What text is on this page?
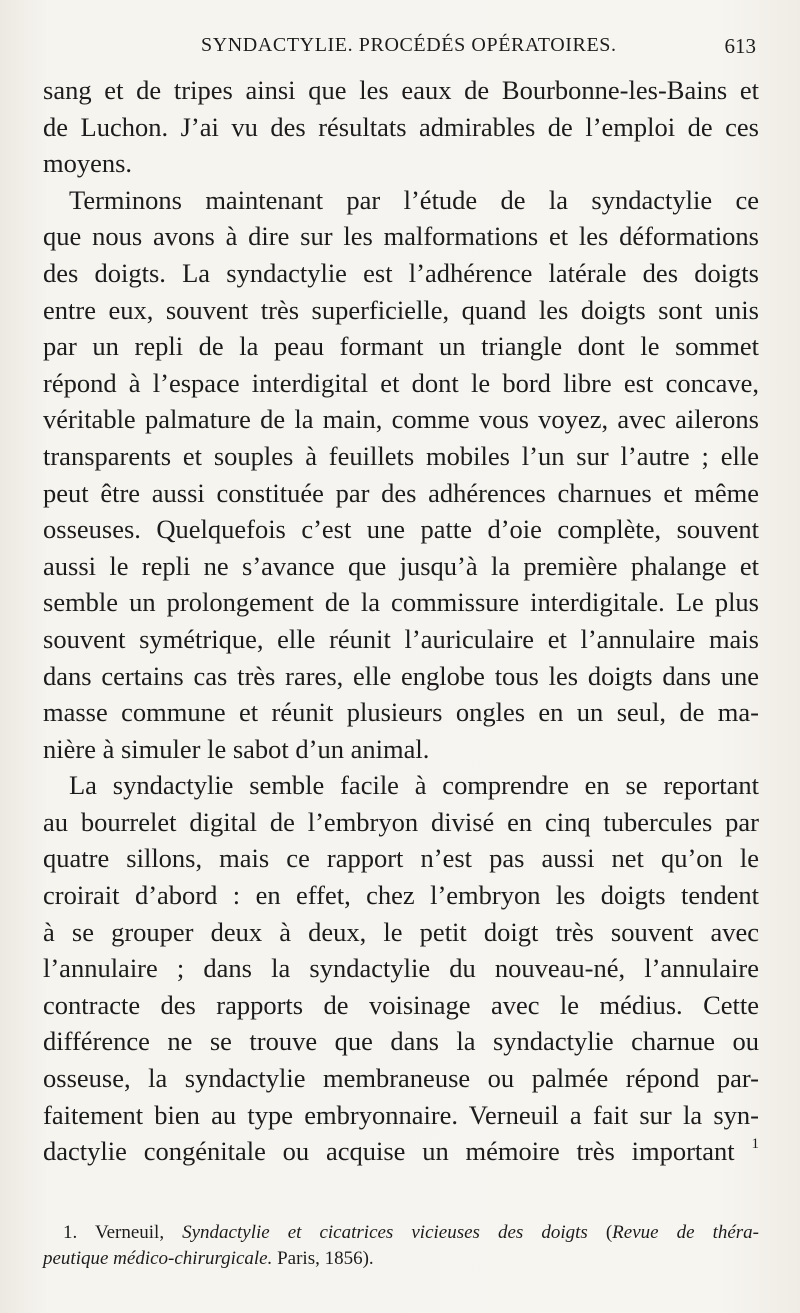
SYNDACTYLIE. PROCÉDÉS OPÉRATOIRES.	613
sang et de tripes ainsi que les eaux de Bourbonne-les-Bains et
de Luchon. J’ai vu des résultats admirables de l’emploi de ces
moyens.
Terminons maintenant par l’étude de la syndactylie ce
que nous avons à dire sur les malformations et les déformations
des doigts. La syndactylie est l’adhérence latérale des doigts
entre eux, souvent très superficielle, quand les doigts sont unis
par un repli de la peau formant un triangle dont le sommet
répond à l’espace interdigital et dont le bord libre est concave,
véritable palmature de la main, comme vous voyez, avec ailerons
transparents et souples à feuillets mobiles l’un sur l’autre ; elle
peut être aussi constituée par des adhérences charnues et même
osseuses. Quelquefois c’est une patte d’oie complète, souvent
aussi le repli ne s’avance que jusqu’à la première phalange et
semble un prolongement de la commissure interdigitale. Le plus
souvent symétrique, elle réunit l’auriculaire et l’annulaire mais
dans certains cas très rares, elle englobe tous les doigts dans une
masse commune et réunit plusieurs ongles en un seul, de ma-
nière à simuler le sabot d’un animal.
La syndactylie semble facile à comprendre en se reportant
au bourrelet digital de l’embryon divisé en cinq tubercules par
quatre sillons, mais ce rapport n’est pas aussi net qu’on le
croirait d’abord : en effet, chez l’embryon les doigts tendent
à se grouper deux à deux, le petit doigt très souvent avec
l’annulaire ; dans la syndactylie du nouveau-né, l’annulaire
contracte des rapports de voisinage avec le médius. Cette
différence ne se trouve que dans la syndactylie charnue ou
osseuse, la syndactylie membraneuse ou palmée répond par-
faitement bien au type embryonnaire. Verneuil a fait sur la syn-
dactylie congénitale ou acquise un mémoire très important $^1$
1. Verneuil, Syndactylie et cicatrices vicieuses des doigts (Revue de théra-
peutique médico-chirurgicale. Paris, 1856).
